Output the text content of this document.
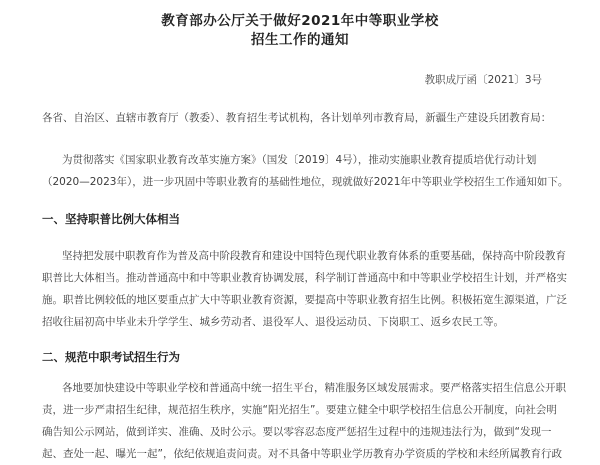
教育部办公厅关于做好2021年中等职业学校
招生工作的通知
教职成厅函〔2021〕3号
各省、自治区、直辖市教育厅（教委）、教育招生考试机构，各计划单列市教育局，新疆生产建设兵团教育局：
为贯彻落实《国家职业教育改革实施方案》（国发〔2019〕4号），推动实施职业教育提质培优行动计划
（2020—2023年），进一步巩固中等职业教育的基础性地位，现就做好2021年中等职业学校招生工作通知如下。
一、坚持职普比例大体相当
坚持把发展中职教育作为普及高中阶段教育和建设中国特色现代职业教育体系的重要基础，保持高中阶段教育
职普比大体相当。推动普通高中和中等职业教育协调发展，科学制订普通高中和中等职业学校招生计划，并严格实
施。职普比例较低的地区要重点扩大中等职业教育资源，要提高中等职业教育招生比例。积极拓宽生源渠道，广泛
招收往届初高中毕业未升学学生、城乡劳动者、退役军人、退役运动员、下岗职工、返乡农民工等。
二、规范中职考试招生行为
各地要加快建设中等职业学校和普通高中统一招生平台，精准服务区域发展需求。要严格落实招生信息公开职
责，进一步严肃招生纪律，规范招生秩序，实施“阳光招生”。要建立健全中职学校招生信息公开制度，向社会明
确告知公示网站，做到详实、准确、及时公示。要以零容忍态度严惩招生过程中的违规违法行为，做到“发现一
起、查处一起、曝光一起”，依纪依规追责问责。对不具备中等职业学历教育办学资质的学校和未经所属教育行政
